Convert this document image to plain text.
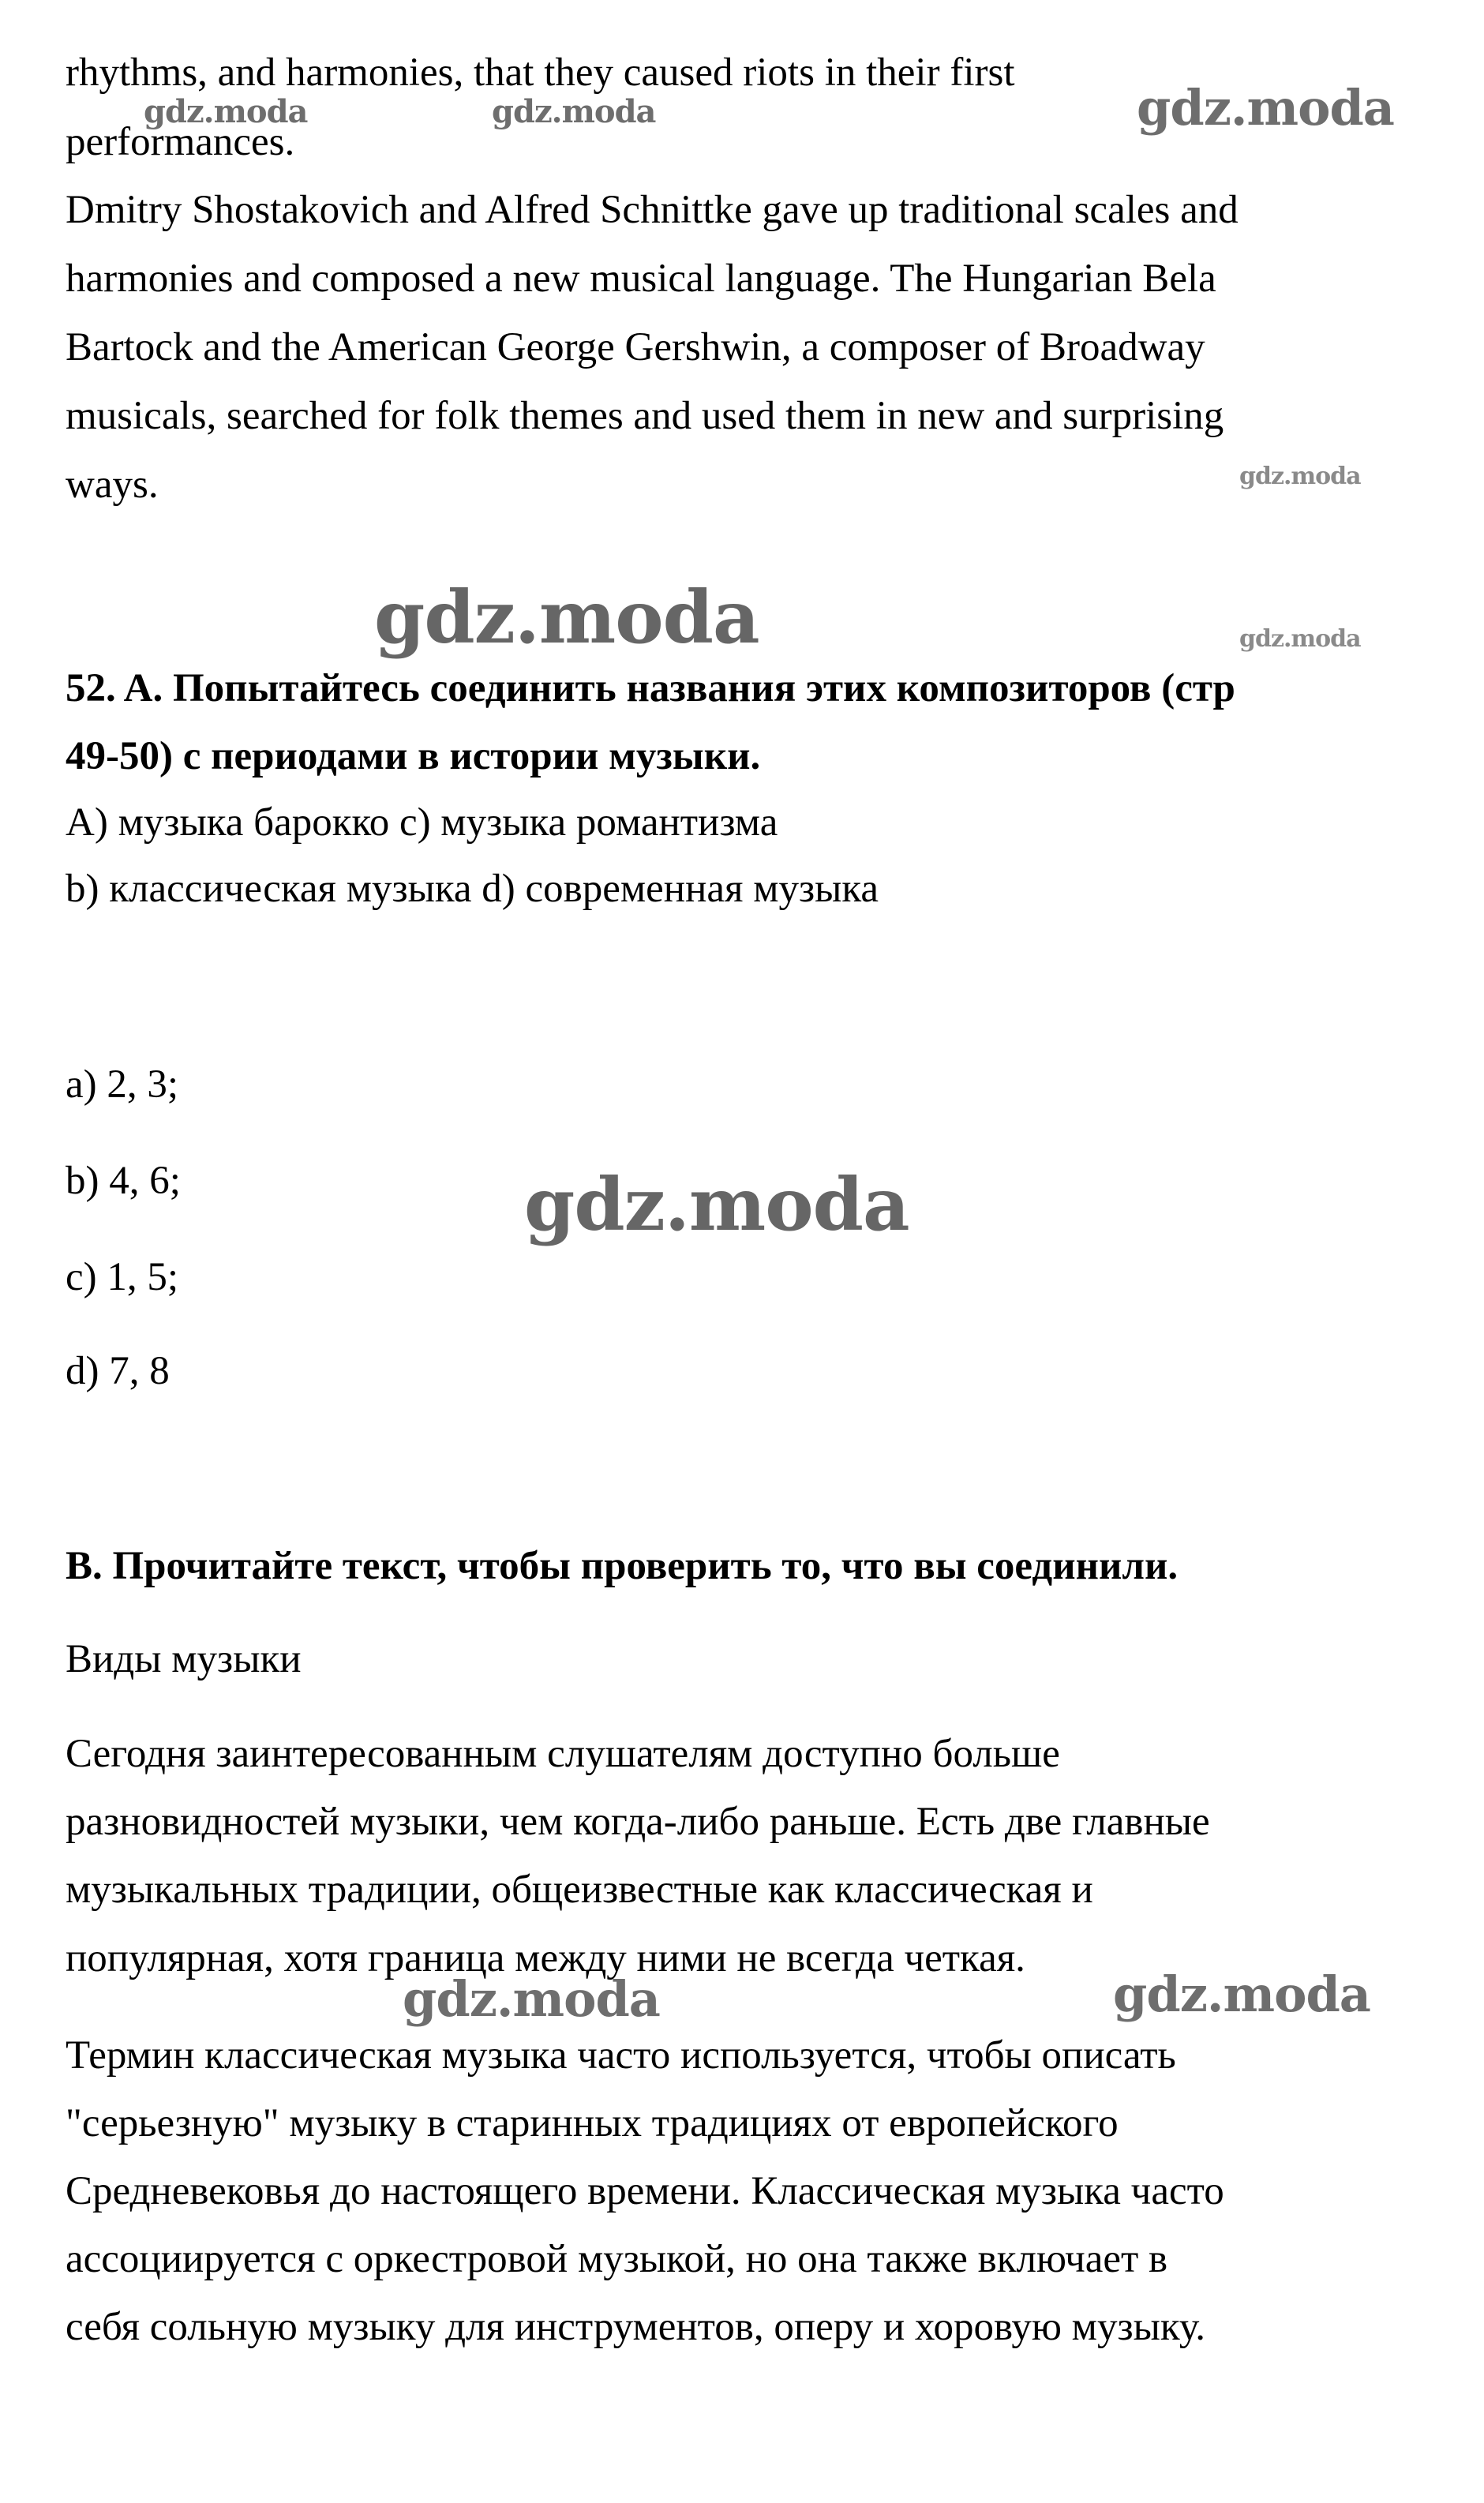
rhythms, and harmonies, that they caused riots in their first

performances.

Dmitry Shostakovich and Alfred Schnittke gave up traditional scales and

harmonies and composed a new musical language. The Hungarian Bela

Bartock and the American George Gershwin, a composer of Broadway

musicals, searched for folk themes and used them in new and surprising

ways.

52. A. Попытайтесь соединить названия этих композиторов (стр

49-50) с периодами в истории музыки.

А) музыка барокко с) музыка романтизма

b) классическая музыка d) современная музыка

a) 2, 3;

b) 4, 6;

c) 1, 5;

d) 7, 8

В. Прочитайте текст, чтобы проверить то, что вы соединили.

Виды музыки

Сегодня заинтересованным слушателям доступно больше

разновидностей музыки, чем когда-либо раньше. Есть две главные

музыкальных традиции, общеизвестные как классическая и

популярная, хотя граница между ними не всегда четкая.

Термин классическая музыка часто используется, чтобы описать

"серьезную" музыку в старинных традициях от европейского

Средневековья до настоящего времени. Классическая музыка часто

ассоциируется с оркестровой музыкой, но она также включает в

себя сольную музыку для инструментов, оперу и хоровую музыку.

gdz.moda	gdz.moda	gdz.moda
gdz.moda
gdz.moda	gdz.moda
gdz.moda
gdz.moda	gdz.moda
